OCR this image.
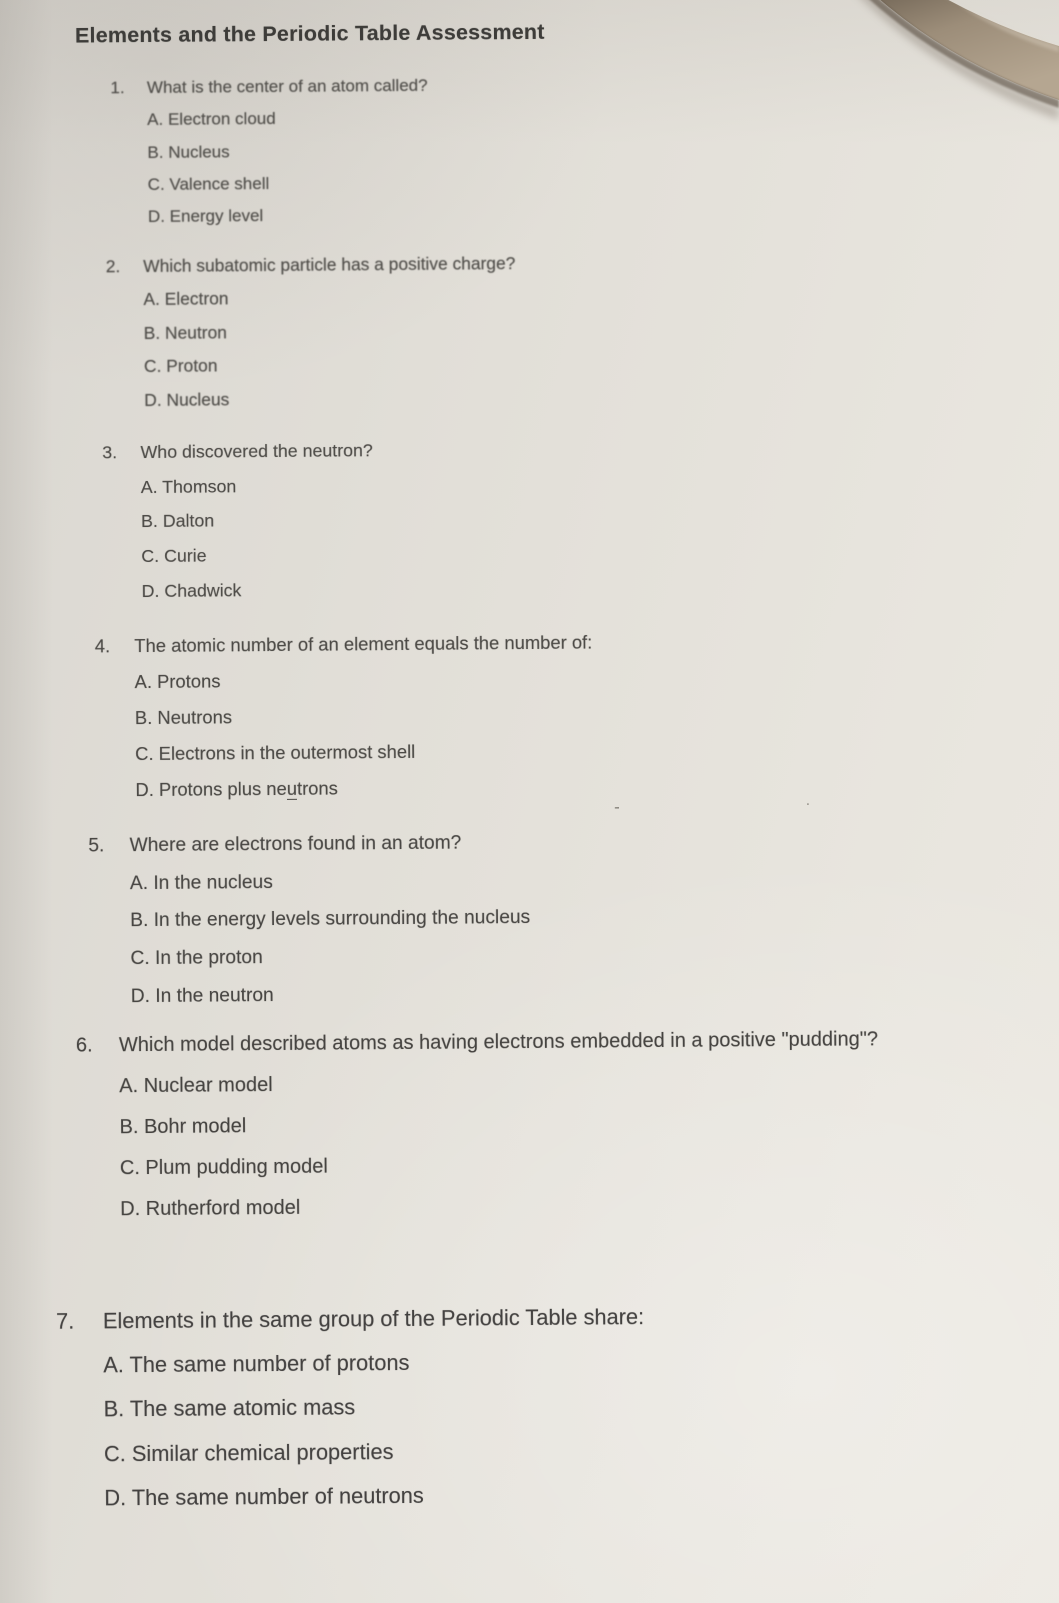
Elements and the Periodic Table Assessment
1.	What is the center of an atom called?
A. Electron cloud
B. Nucleus
C. Valence shell
D. Energy level
2.	Which subatomic particle has a positive charge?
A. Electron
B. Neutron
C. Proton
D. Nucleus
3.	Who discovered the neutron?
A. Thomson
B. Dalton
C. Curie
D. Chadwick
4.	The atomic number of an element equals the number of:
A. Protons
B. Neutrons
C. Electrons in the outermost shell
D. Protons plus neutrons
-	.
5.	Where are electrons found in an atom?
A. In the nucleus
B. In the energy levels surrounding the nucleus
C. In the proton
D. In the neutron
6.	Which model described atoms as having electrons embedded in a positive "pudding"?
A. Nuclear model
B. Bohr model
C. Plum pudding model
D. Rutherford model
7.	Elements in the same group of the Periodic Table share:
A. The same number of protons
B. The same atomic mass
C. Similar chemical properties
D. The same number of neutrons
